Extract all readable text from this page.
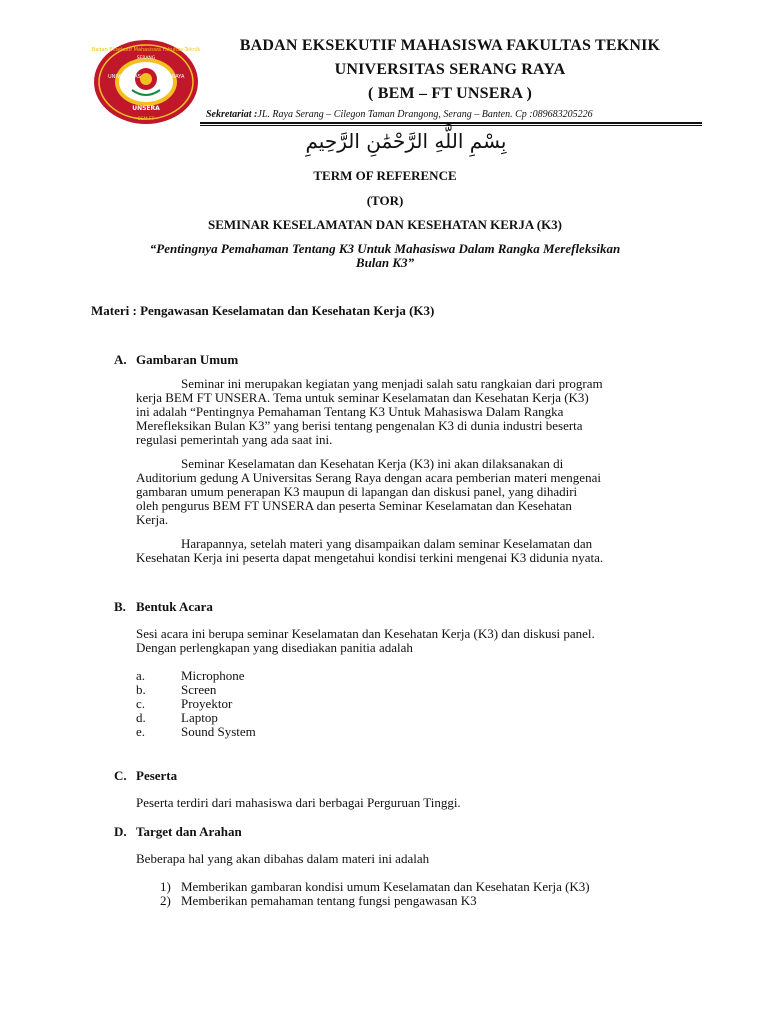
Badan Eksekutif Mahasiswa Fakultas Teknik
UNIVERSITAS	RAYA
SERANG
UNSERA
BEM FT
BADAN EKSEKUTIF MAHASISWA FAKULTAS TEKNIK
UNIVERSITAS SERANG RAYA
( BEM – FT UNSERA )
Sekretariat :JL. Raya Serang – Cilegon Taman Drangong, Serang – Banten. Cp :089683205226
بِسْمِ اللَّهِ الرَّحْمَٰنِ الرَّحِيمِ
TERM OF REFERENCE
(TOR)
SEMINAR KESELAMATAN DAN KESEHATAN KERJA (K3)
“Pentingnya Pemahaman Tentang K3 Untuk Mahasiswa Dalam Rangka Merefleksikan
Bulan K3”
Materi : Pengawasan Keselamatan dan Kesehatan Kerja (K3)
A. Gambaran Umum
Seminar ini merupakan kegiatan yang menjadi salah satu rangkaian dari program
kerja BEM FT UNSERA. Tema untuk seminar Keselamatan dan Kesehatan Kerja (K3)
ini adalah “Pentingnya Pemahaman Tentang K3 Untuk Mahasiswa Dalam Rangka
Merefleksikan Bulan K3” yang berisi tentang pengenalan K3 di dunia industri beserta
regulasi pemerintah yang ada saat ini.
Seminar Keselamatan dan Kesehatan Kerja (K3) ini akan dilaksanakan di
Auditorium gedung A Universitas Serang Raya dengan acara pemberian materi mengenai
gambaran umum penerapan K3 maupun di lapangan dan diskusi panel, yang dihadiri
oleh pengurus BEM FT UNSERA dan peserta Seminar Keselamatan dan Kesehatan
Kerja.
Harapannya, setelah materi yang disampaikan dalam seminar Keselamatan dan
Kesehatan Kerja ini peserta dapat mengetahui kondisi terkini mengenai K3 didunia nyata.
B. Bentuk Acara
Sesi acara ini berupa seminar Keselamatan dan Kesehatan Kerja (K3) dan diskusi panel.
Dengan perlengkapan yang disediakan panitia adalah
a.	Microphone
b.	Screen
c.	Proyektor
d.	Laptop
e.	Sound System
C. Peserta
Peserta terdiri dari mahasiswa dari berbagai Perguruan Tinggi.
D. Target dan Arahan
Beberapa hal yang akan dibahas dalam materi ini adalah
1) Memberikan gambaran kondisi umum Keselamatan dan Kesehatan Kerja (K3)
2) Memberikan pemahaman tentang fungsi pengawasan K3
